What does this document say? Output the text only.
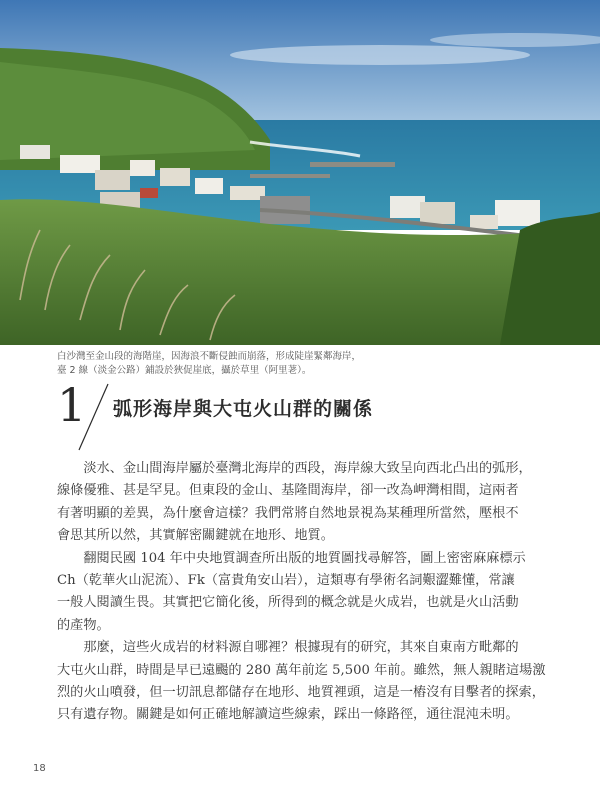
白沙灣至金山段的海階崖，因海浪不斷侵蝕而崩落，形成陡崖緊鄰海岸，
臺 2 線（淡金公路）鋪設於狹促崖底，攝於草里（阿里荖）。
1 弧形海岸與大屯火山群的關係
　　淡水、金山間海岸屬於臺灣北海岸的西段，海岸線大致呈向西北凸出的弧形，
線條優雅、甚是罕見。但東段的金山、基隆間海岸，卻一改為岬灣相間，這兩者
有著明顯的差異，為什麼會這樣？我們常將自然地景視為某種理所當然，壓根不
會思其所以然，其實解密關鍵就在地形、地質。
　　翻閱民國 104 年中央地質調查所出版的地質圖找尋解答，圖上密密麻麻標示
Ch（乾華火山泥流）、Fk（富貴角安山岩），這類專有學術名詞艱澀難懂，常讓
一般人閱讀生畏。其實把它簡化後，所得到的概念就是火成岩，也就是火山活動
的產物。
　　那麼，這些火成岩的材料源自哪裡？根據現有的研究，其來自東南方毗鄰的
大屯火山群，時間是早已遠颺的 280 萬年前迄 5,500 年前。雖然，無人親睹這場激
烈的火山噴發，但一切訊息都儲存在地形、地質裡頭，這是一樁沒有目擊者的探索，
只有遺存物。關鍵是如何正確地解讀這些線索，踩出一條路徑，通往混沌未明。
18
